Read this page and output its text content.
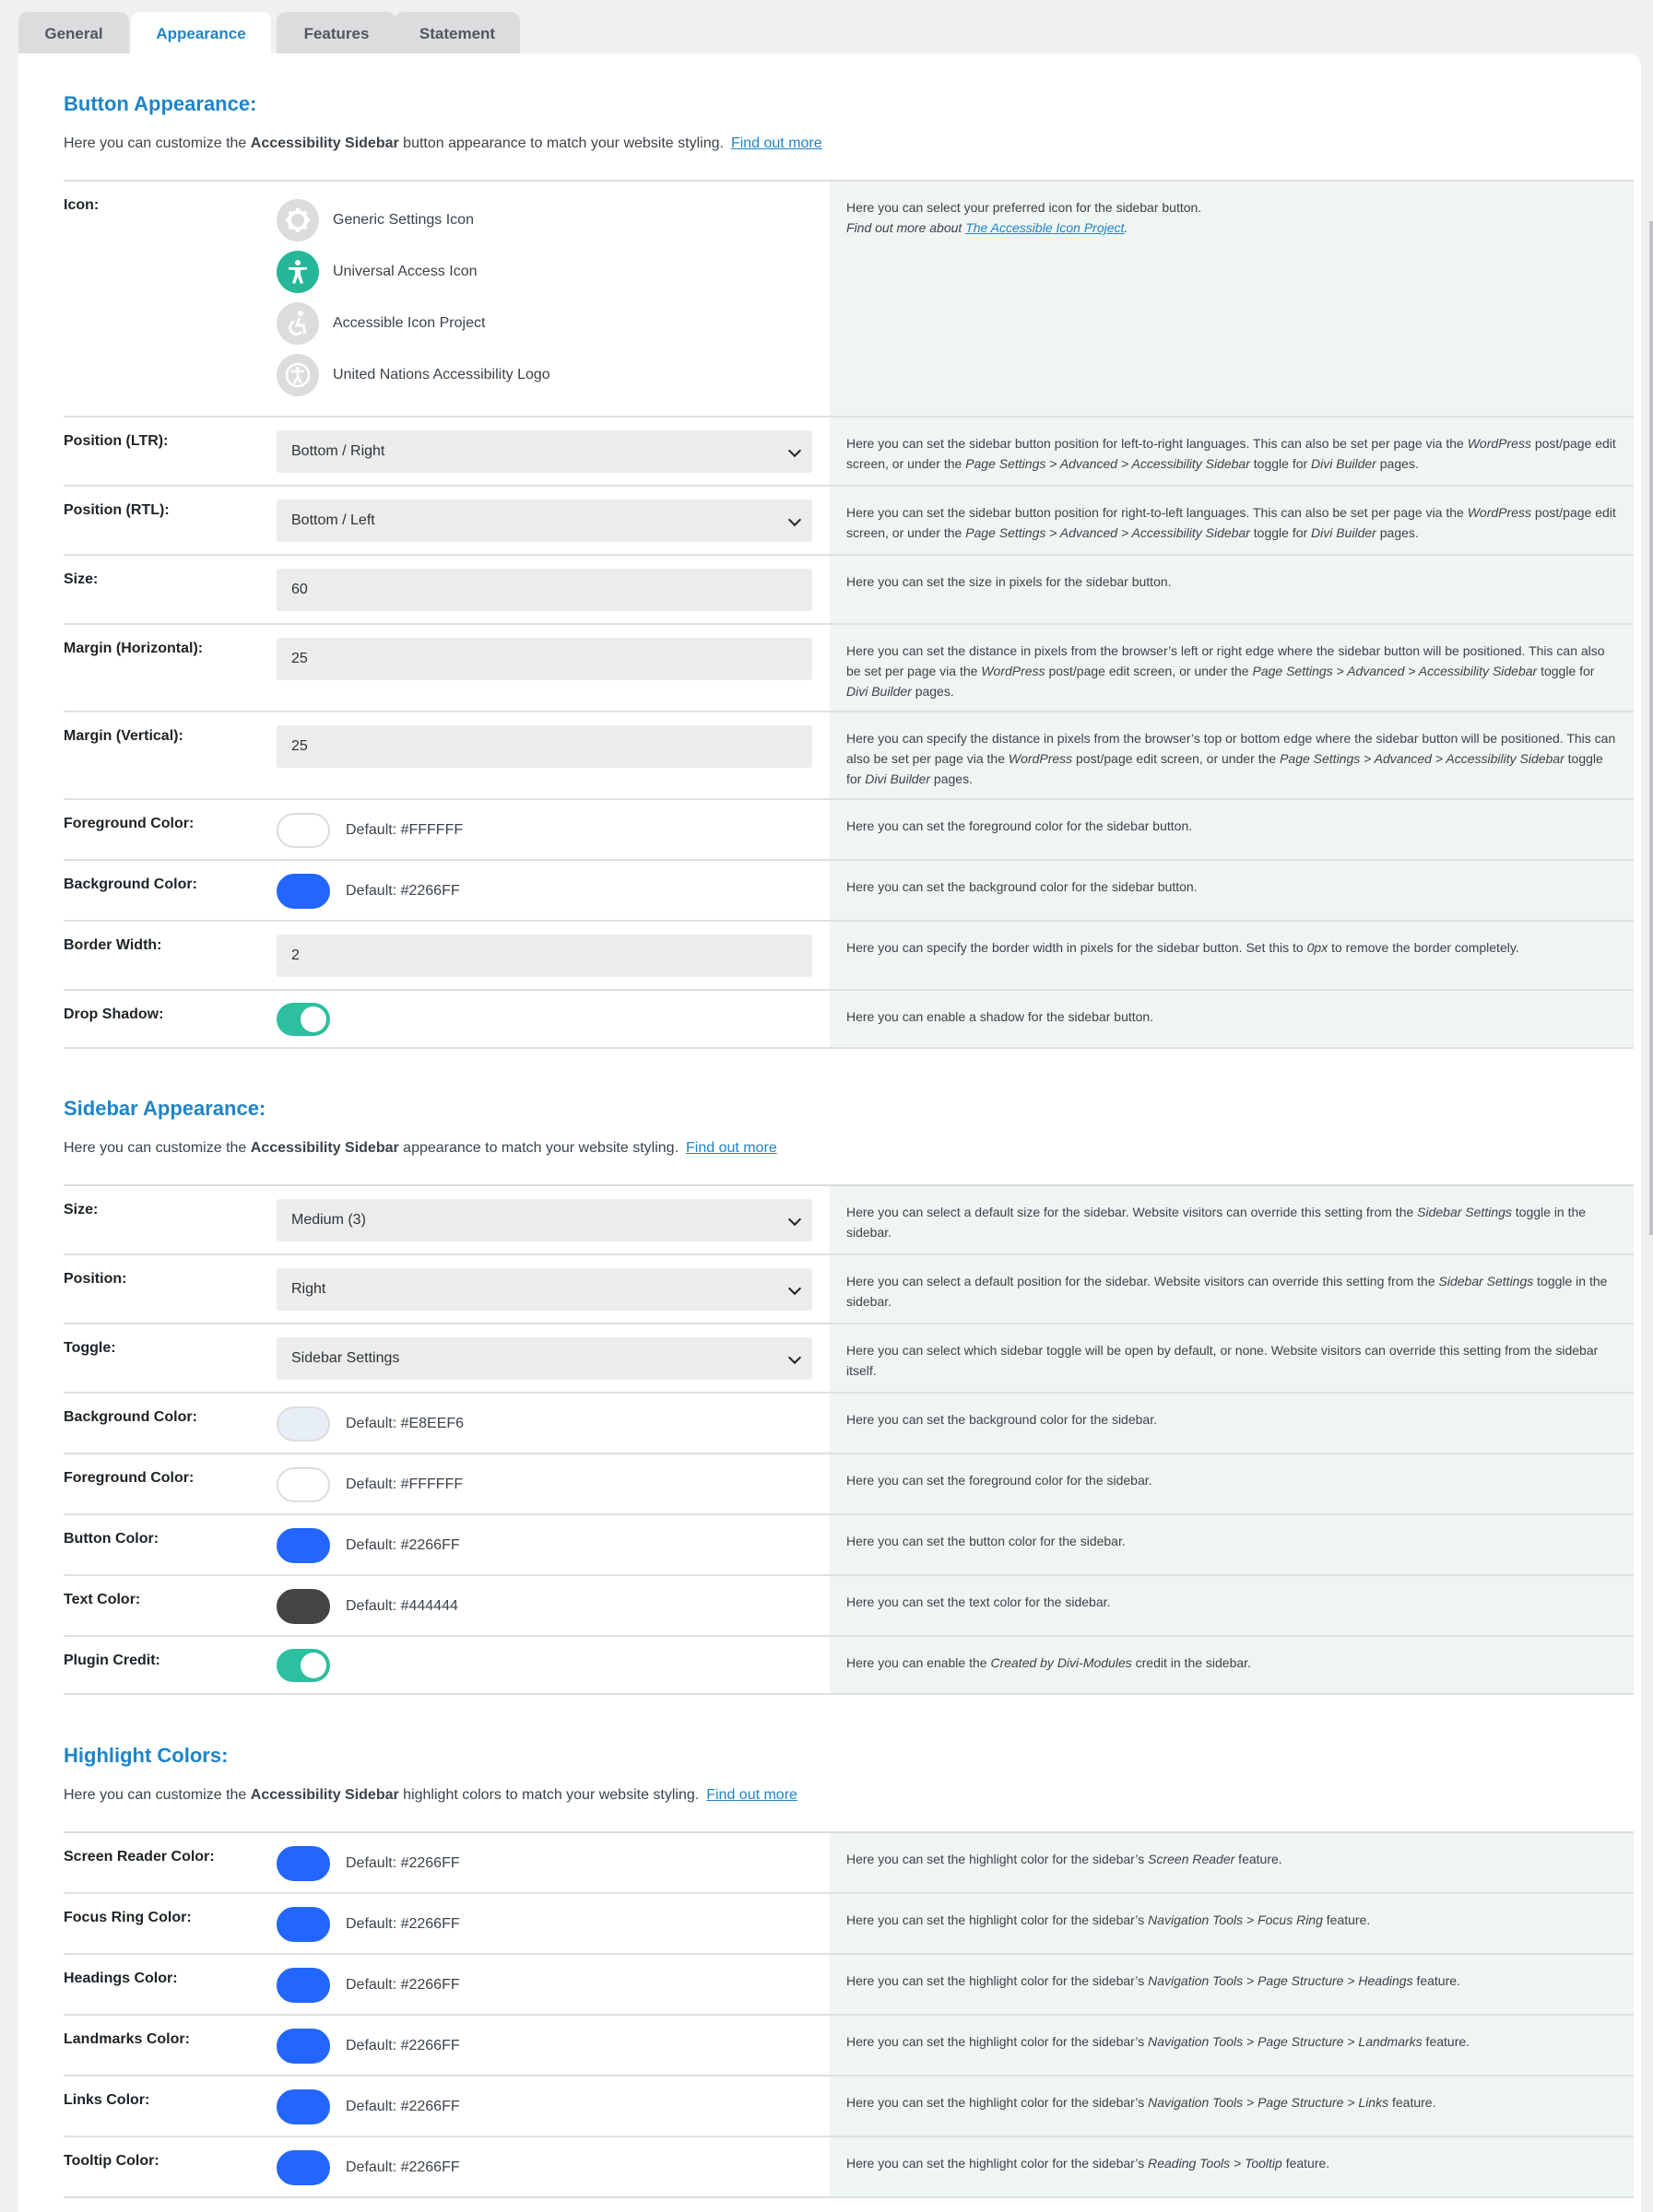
General	Appearance	Features	Statement
Button Appearance:
Here you can customize the Accessibility Sidebar button appearance to match your website styling. Find out more
Icon:
Generic Settings Icon
Universal Access Icon
Accessible Icon Project
United Nations Accessibility Logo
Here you can select your preferred icon for the sidebar button.
Find out more about The Accessible Icon Project.
Position (LTR):
Bottom / Right	Here you can set the sidebar button position for left-to-right languages. This can also be set per page via the WordPress post/page edit screen, or under the Page Settings > Advanced > Accessibility Sidebar toggle for Divi Builder pages.
Position (RTL):
Bottom / Left	Here you can set the sidebar button position for right-to-left languages. This can also be set per page via the WordPress post/page edit screen, or under the Page Settings > Advanced > Accessibility Sidebar toggle for Divi Builder pages.
Size:
60	Here you can set the size in pixels for the sidebar button.
Margin (Horizontal):
25	Here you can set the distance in pixels from the browser’s left or right edge where the sidebar button will be positioned. This can also be set per page via the WordPress post/page edit screen, or under the Page Settings > Advanced > Accessibility Sidebar toggle for Divi Builder pages.
Margin (Vertical):
25	Here you can specify the distance in pixels from the browser’s top or bottom edge where the sidebar button will be positioned. This can also be set per page via the WordPress post/page edit screen, or under the Page Settings > Advanced > Accessibility Sidebar toggle for Divi Builder pages.
Foreground Color:	Default: #FFFFFF	Here you can set the foreground color for the sidebar button.
Background Color:	Default: #2266FF	Here you can set the background color for the sidebar button.
Border Width:
2	Here you can specify the border width in pixels for the sidebar button. Set this to 0px to remove the border completely.
Drop Shadow:	Here you can enable a shadow for the sidebar button.
Sidebar Appearance:
Here you can customize the Accessibility Sidebar appearance to match your website styling. Find out more
Size:
Medium (3)	Here you can select a default size for the sidebar. Website visitors can override this setting from the Sidebar Settings toggle in the sidebar.
Position:
Right	Here you can select a default position for the sidebar. Website visitors can override this setting from the Sidebar Settings toggle in the sidebar.
Toggle:
Sidebar Settings	Here you can select which sidebar toggle will be open by default, or none. Website visitors can override this setting from the sidebar itself.
Background Color:	Default: #E8EEF6	Here you can set the background color for the sidebar.
Foreground Color:	Default: #FFFFFF	Here you can set the foreground color for the sidebar.
Button Color:	Default: #2266FF	Here you can set the button color for the sidebar.
Text Color:	Default: #444444	Here you can set the text color for the sidebar.
Plugin Credit:	Here you can enable the Created by Divi-Modules credit in the sidebar.
Highlight Colors:
Here you can customize the Accessibility Sidebar highlight colors to match your website styling. Find out more
Screen Reader Color:	Default: #2266FF	Here you can set the highlight color for the sidebar’s Screen Reader feature.
Focus Ring Color:	Default: #2266FF	Here you can set the highlight color for the sidebar’s Navigation Tools > Focus Ring feature.
Headings Color:	Default: #2266FF	Here you can set the highlight color for the sidebar’s Navigation Tools > Page Structure > Headings feature.
Landmarks Color:	Default: #2266FF	Here you can set the highlight color for the sidebar’s Navigation Tools > Page Structure > Landmarks feature.
Links Color:	Default: #2266FF	Here you can set the highlight color for the sidebar’s Navigation Tools > Page Structure > Links feature.
Tooltip Color:	Default: #2266FF	Here you can set the highlight color for the sidebar’s Reading Tools > Tooltip feature.
